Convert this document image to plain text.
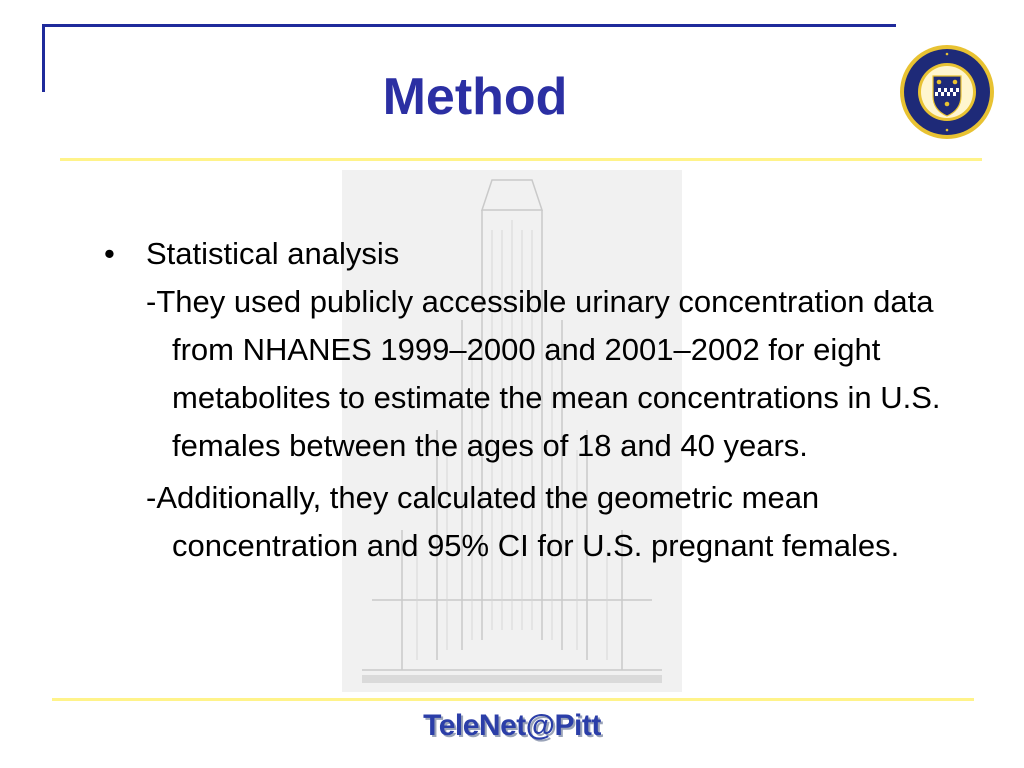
Method
•	Statistical analysis
-They used publicly accessible urinary concentration data from NHANES 1999–2000 and 2001–2002 for eight metabolites to estimate the mean concentrations in U.S. females between the ages of 18 and 40 years.
-Additionally, they calculated the geometric mean concentration and 95% CI for U.S. pregnant females.
TeleNet@Pitt
